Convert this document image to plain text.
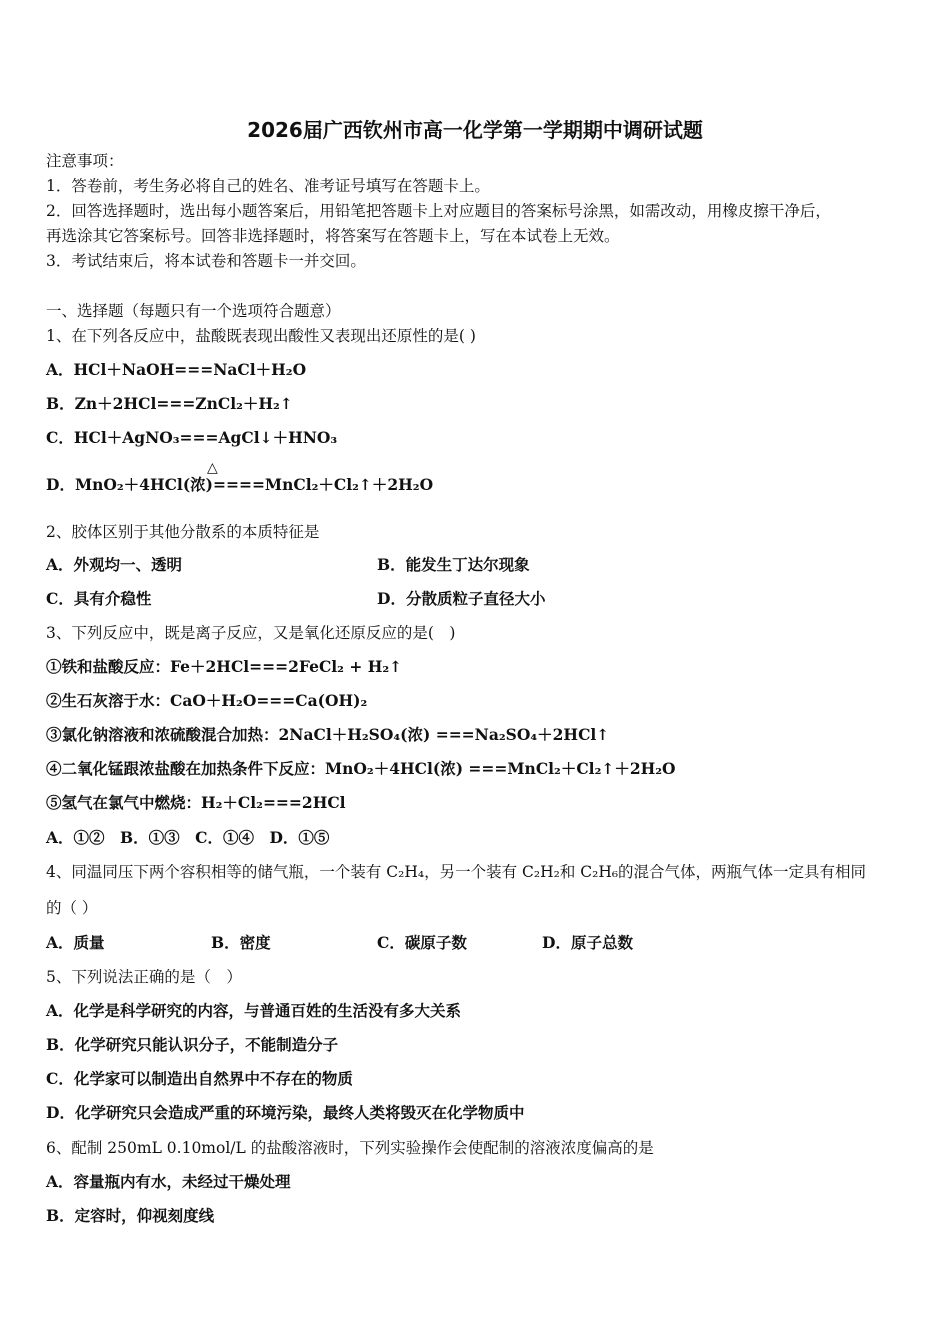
2026届广西钦州市高一化学第一学期期中调研试题
注意事项：
1．答卷前，考生务必将自己的姓名、准考证号填写在答题卡上。
2．回答选择题时，选出每小题答案后，用铅笔把答题卡上对应题目的答案标号涂黑，如需改动，用橡皮擦干净后，
再选涂其它答案标号。回答非选择题时，将答案写在答题卡上，写在本试卷上无效。
3．考试结束后，将本试卷和答题卡一并交回。
一、选择题（每题只有一个选项符合题意）
1、在下列各反应中，盐酸既表现出酸性又表现出还原性的是( )
A．HCl＋NaOH===NaCl＋H₂O
B．Zn＋2HCl===ZnCl₂＋H₂↑
C．HCl＋AgNO₃===AgCl↓＋HNO₃
△
D．MnO₂＋4HCl(浓)====MnCl₂＋Cl₂↑＋2H₂O
2、胶体区别于其他分散系的本质特征是
A．外观均一、透明	B．能发生丁达尔现象
C．具有介稳性	D．分散质粒子直径大小
3、下列反应中，既是离子反应，又是氧化还原反应的是(　)
①铁和盐酸反应：Fe＋2HCl===2FeCl₂ + H₂↑
②生石灰溶于水：CaO＋H₂O===Ca(OH)₂
③氯化钠溶液和浓硫酸混合加热：2NaCl＋H₂SO₄(浓) ===Na₂SO₄＋2HCl↑
④二氧化锰跟浓盐酸在加热条件下反应：MnO₂＋4HCl(浓) ===MnCl₂＋Cl₂↑＋2H₂O
⑤氢气在氯气中燃烧：H₂＋Cl₂===2HCl
A．①②　B．①③　C．①④　D．①⑤
4、同温同压下两个容积相等的储气瓶，一个装有 C₂H₄，另一个装有 C₂H₂和 C₂H₆的混合气体，两瓶气体一定具有相同
的（ ）
A．质量	B．密度	C．碳原子数	D．原子总数
5、下列说法正确的是（　）
A．化学是科学研究的内容，与普通百姓的生活没有多大关系
B．化学研究只能认识分子，不能制造分子
C．化学家可以制造出自然界中不存在的物质
D．化学研究只会造成严重的环境污染，最终人类将毁灭在化学物质中
6、配制 250mL 0.10mol/L 的盐酸溶液时，下列实验操作会使配制的溶液浓度偏高的是
A．容量瓶内有水，未经过干燥处理
B．定容时，仰视刻度线
